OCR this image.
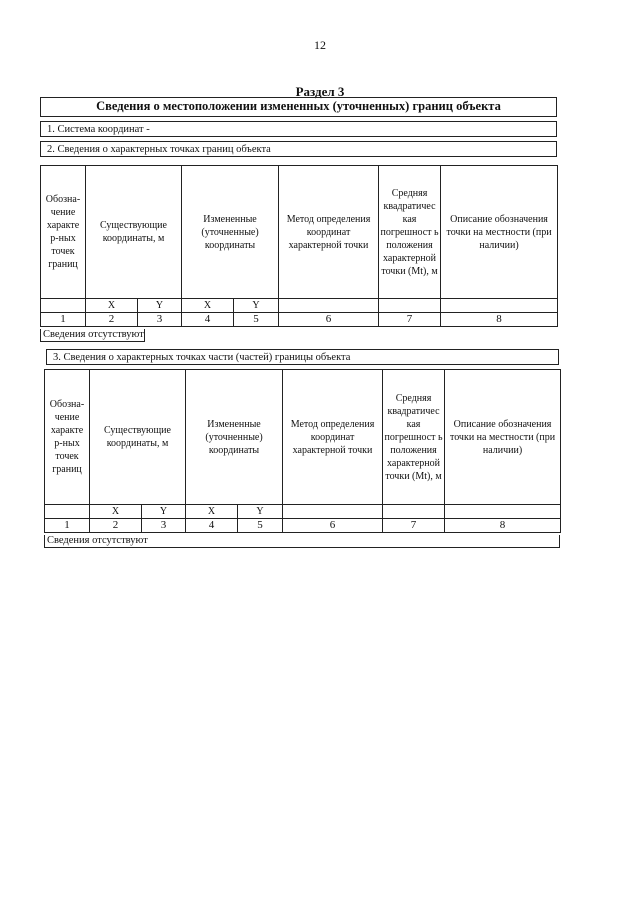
12
Раздел 3
Сведения о местоположении измененных (уточненных) границ объекта
1. Система координат -
2. Сведения о характерных точках границ объекта
Обозна-чение характе р-ных точек границ	Существующие координаты, м		Измененные (уточненные) координаты		Метод определения координат характерной точки	Средняя квадратичес кая погрешност ь положения характерной точки (Mt), м	Описание обозначения точки на местности (при наличии)
	X	Y	X	Y			
1	2	3	4	5	6	7	8
Сведения отсутствуют
3. Сведения о характерных точках части (частей) границы объекта
Обозна-чение характе р-ных точек границ	Существующие координаты, м		Измененные (уточненные) координаты		Метод определения координат характерной точки	Средняя квадратичес кая погрешност ь положения характерной точки (Mt), м	Описание обозначения точки на местности (при наличии)
	X	Y	X	Y			
1	2	3	4	5	6	7	8
Сведения отсутствуют
